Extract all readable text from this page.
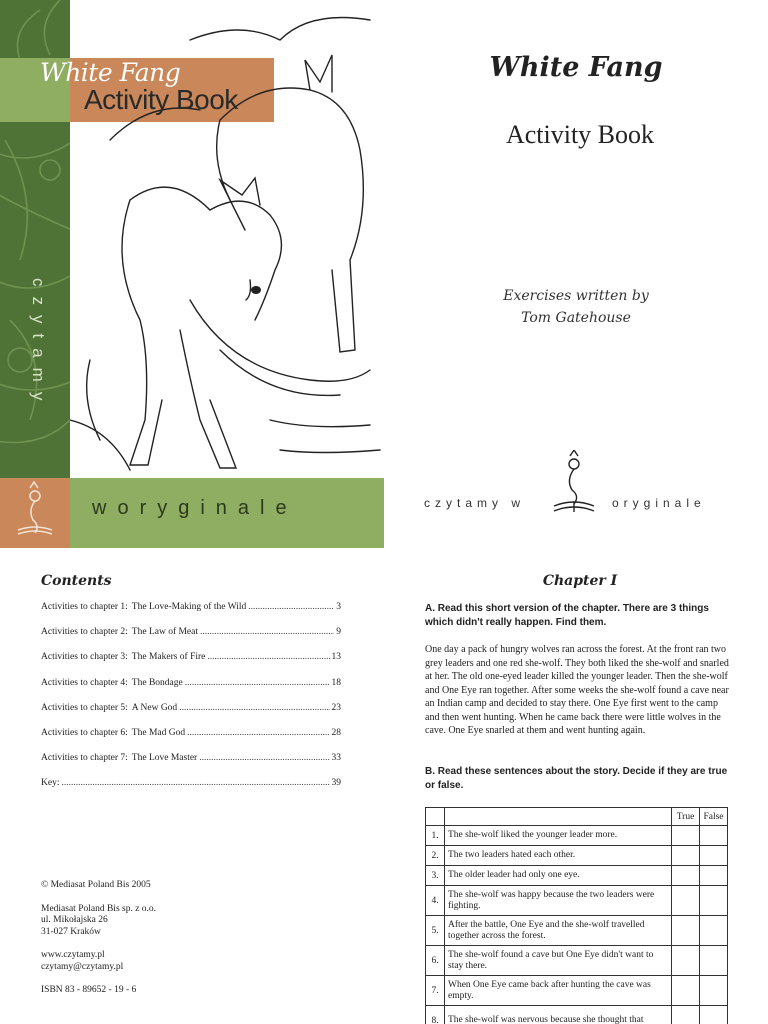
White Fang
Activity Book
czytamy
woryginale
White Fang
Activity Book
Exercises written by
Tom Gatehouse
czytamy w	oryginale
Contents
Activities to chapter 1: The Love-Making of the Wild .....	3
Activities to chapter 2: The Law of Meat .....	9
Activities to chapter 3: The Makers of Fire .....	13
Activities to chapter 4: The Bondage .....	18
Activities to chapter 5: A New God .....	23
Activities to chapter 6: The Mad God .....	28
Activities to chapter 7: The Love Master .....	33
Key: .....	39
© Mediasat Poland Bis 2005
Mediasat Poland Bis sp. z o.o.
ul. Mikołajska 26
31-027 Kraków
www.czytamy.pl
czytamy@czytamy.pl
ISBN 83 - 89652 - 19 - 6
Chapter I
A. Read this short version of the chapter. There are 3 things which didn't really happen. Find them.
One day a pack of hungry wolves ran across the forest. At the front ran two grey leaders and one red she-wolf. They both liked the she-wolf and snarled at her. The old one-eyed leader killed the younger leader. Then the she-wolf and One Eye ran together. After some weeks the she-wolf found a cave near an Indian camp and decided to stay there. One Eye first went to the camp and then went hunting. When he came back there were little wolves in the cave. One Eye snarled at them and went hunting again.
B. Read these sentences about the story. Decide if they are true or false.
		True	False
1.	The she-wolf liked the younger leader more.		
2.	The two leaders hated each other.		
3.	The older leader had only one eye.		
4.	The she-wolf was happy because the two leaders were fighting.		
5.	After the battle, One Eye and the she-wolf travelled together across the forest.		
6.	The she-wolf found a cave but One Eye didn't want to stay there.		
7.	When One Eye came back after hunting the cave was empty.		
8.	The she-wolf was nervous because she thought that		
